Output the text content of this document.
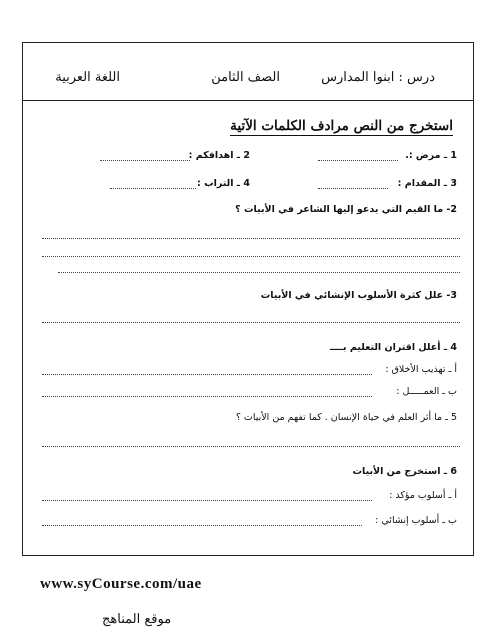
درس : ابنوا المدارس
الصف الثامن
اللغة العربية
استخرج من النص مرادف الكلمات الآتية
1 ـ مرض :.
2 ـ اهدافكم :
3 ـ المقدام :
4 ـ التراب :
2- ما القيم التي يدعو إليها الشاعر في الأبيات ؟
3- علل كثرة الأسلوب الإنشائي في الأبيات
4 ـ أعلل اقتران التعليم بــــ
أ ـ تهذيب الأخلاق :
ب ـ العمـــــل :
5 ـ ما أثر العلم في حياة الإنسان . كما تفهم من الأبيات ؟
6 ـ استخرج من الأبيات
أ ـ أسلوب مؤكد :
ب ـ أسلوب إنشائي :
www.syCourse.com/uae
موقع المناهج
